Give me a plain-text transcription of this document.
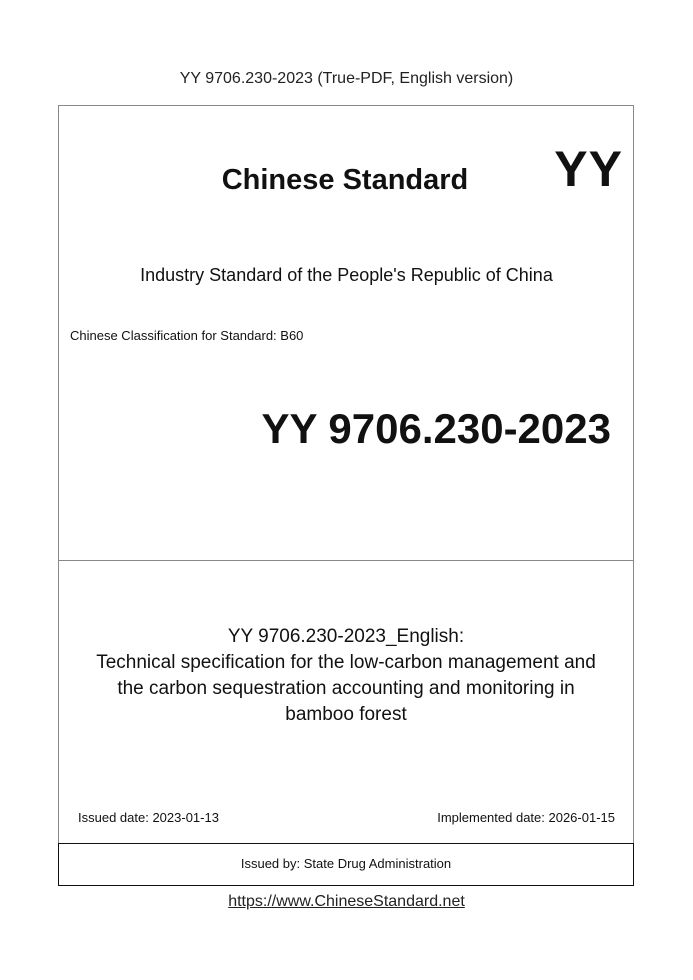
YY 9706.230-2023 (True-PDF, English version)
Chinese Standard	YY
Industry Standard of the People's Republic of China
Chinese Classification for Standard: B60
YY 9706.230-2023
YY 9706.230-2023_English:
Technical specification for the low-carbon management and
the carbon sequestration accounting and monitoring in
bamboo forest
Issued date: 2023-01-13	Implemented date: 2026-01-15
Issued by: State Drug Administration
https://www.ChineseStandard.net
